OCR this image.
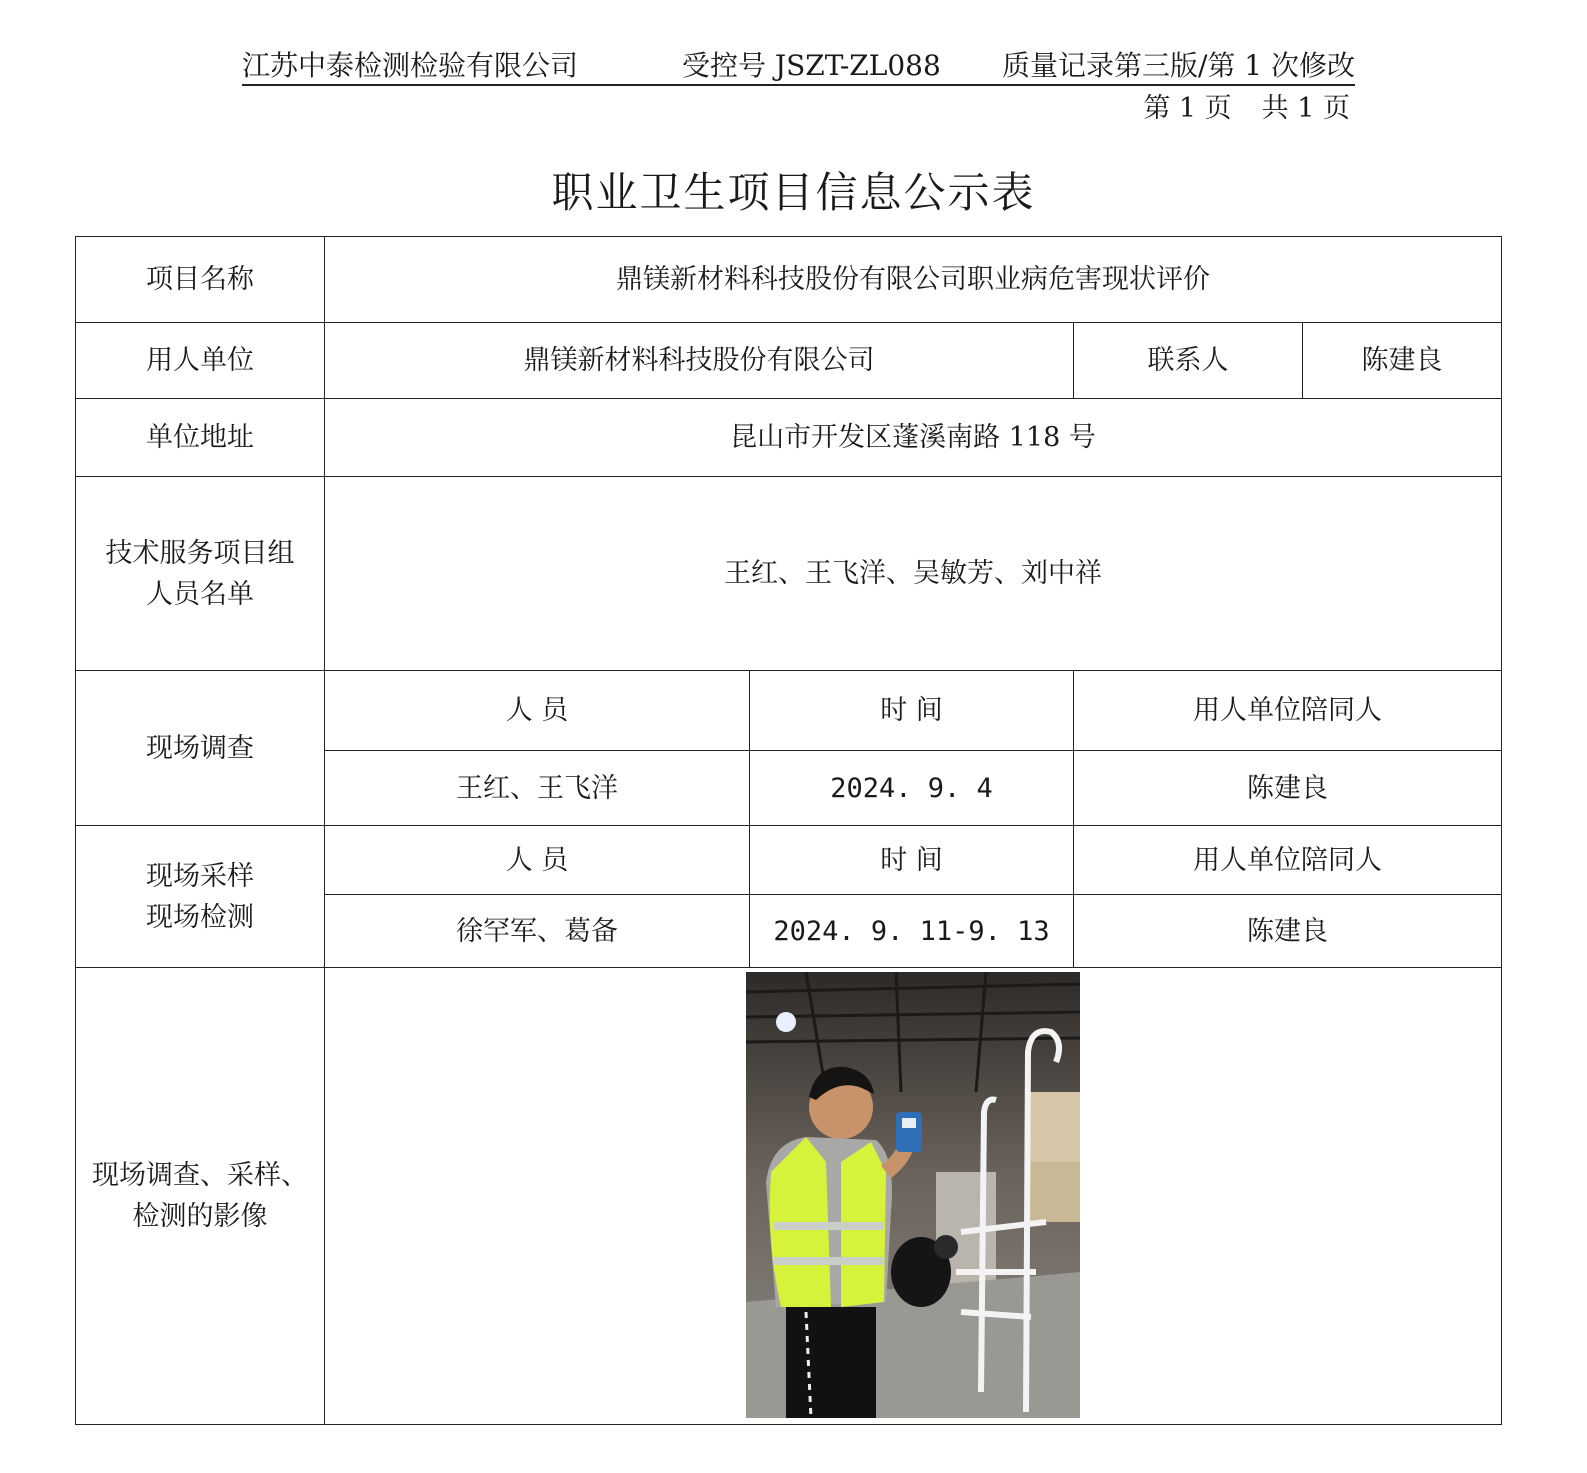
江苏中泰检测检验有限公司	受控号 JSZT-ZL088 质量记录第三版/第 1 次修改
第 1 页 共 1 页
职业卫生项目信息公示表
项目名称	鼎镁新材料科技股份有限公司职业病危害现状评价			
用人单位	鼎镁新材料科技股份有限公司		联系人	陈建良
单位地址	昆山市开发区蓬溪南路 118 号			

技术服务项目组
人员名单	王红、王飞洋、吴敏芳、刘中祥			
现场调查	人 员	时 间	用人单位陪同人	
	王红、王飞洋	2024. 9. 4	陈建良	

现场采样
现场检测	人 员	时 间	用人单位陪同人	
	徐罕军、葛备	2024. 9. 11-9. 13	陈建良	

现场调查、采样、
检测的影像
